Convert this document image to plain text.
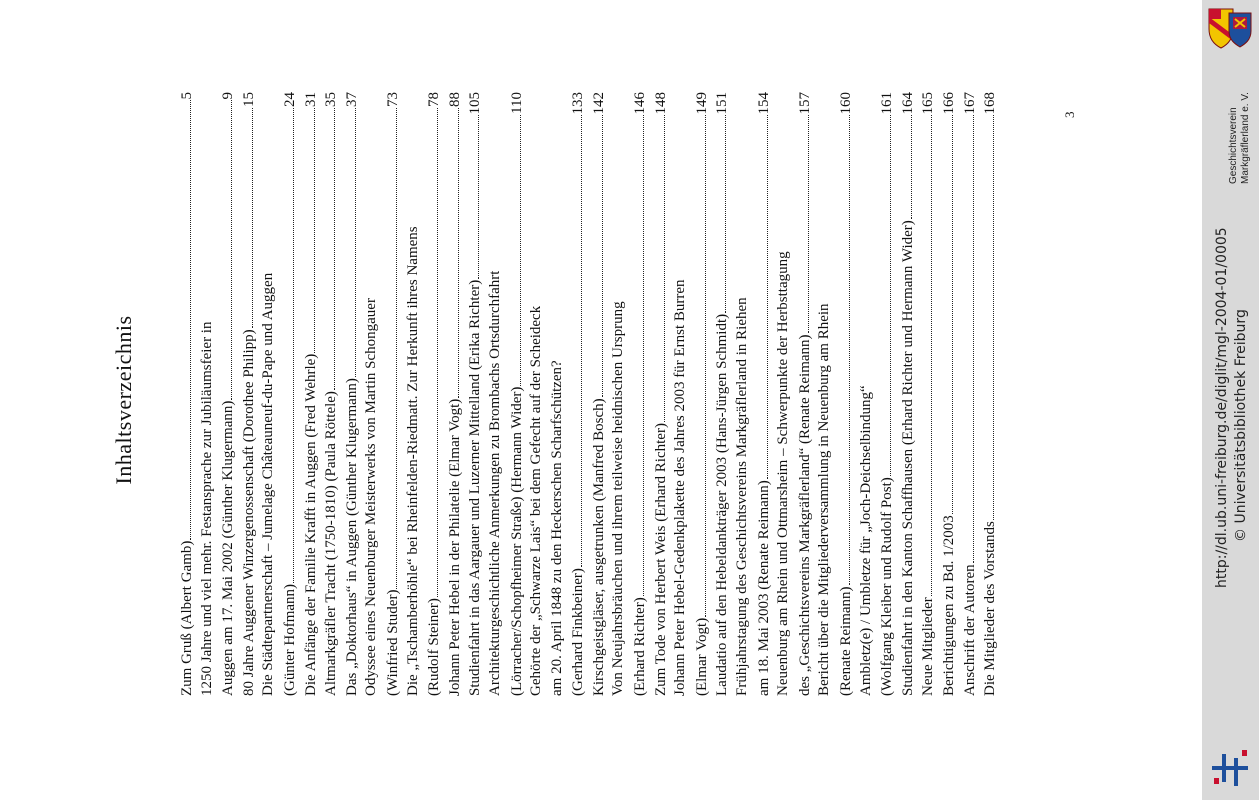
Inhaltsverzeichnis
Zum Gruß (Albert Gamb)
5
1250 Jahre und viel mehr. Festansprache zur Jubiläumsfeier in Auggen am 17. Mai 2002 (Günther Klugermann)
9
80 Jahre Auggener Winzergenossenschaft (Dorothee Philipp)
15
Die Städtepartnerschaft – Jumelage Châteauneuf-du-Pape und Auggen (Günter Hofmann)
24
Die Anfänge der Familie Krafft in Auggen (Fred Wehrle)
31
Altmarkgräfler Tracht (1750-1810) (Paula Röttele)
35
Das „Doktorhaus“ in Auggen (Günther Klugermann)
37
Odyssee eines Neuenburger Meisterwerks von Martin Schongauer (Winfried Studer)
73
Die „Tschamberhöhle“ bei Rheinfelden-Riedmatt. Zur Herkunft ihres Namens (Rudolf Steiner)
78
Johann Peter Hebel in der Philatelie (Elmar Vogt)
88
Studienfahrt in das Aargauer und Luzerner Mittelland (Erika Richter)
105
Architekturgeschichtliche Anmerkungen zu Brombachs Ortsdurchfahrt (Lörracher/Schopfheimer Straße) (Hermann Wider)
110
Gehörte der „Schwarze Lais“ bei dem Gefecht auf der Scheideck am 20. April 1848 zu den Heckerschen Scharfschützen? (Gerhard Finkbeiner)
133
Kirschgeistgläser, ausgetrunken (Manfred Bosch)
142
Von Neujahrsbräuchen und ihrem teilweise heidnischen Ursprung (Erhard Richter)
146
Zum Tode von Herbert Weis (Erhard Richter)
148
Johann Peter Hebel-Gedenkplakette des Jahres 2003 für Ernst Burren (Elmar Vogt)
149
Laudatio auf den Hebeldankträger 2003 (Hans-Jürgen Schmidt)
151
Frühjahrstagung des Geschichtsvereins Markgräflerland in Riehen am 18. Mai 2003 (Renate Reimann)
154
Neuenburg am Rhein und Ottmarsheim – Schwerpunkte der Herbsttagung des „Geschichtsvereins Markgräflerland“ (Renate Reimann)
157
Bericht über die Mitgliederversammlung in Neuenburg am Rhein (Renate Reimann)
160
Ambletz(e) / Umbletze für „Joch-Deichselbindung“ (Wolfgang Kleiber und Rudolf Post)
161
Studienfahrt in den Kanton Schaffhausen (Erhard Richter und Hermann Wider)
164
Neue Mitglieder
165
Berichtigungen zu Bd. 1/2003
166
Anschrift der Autoren
167
Die Mitglieder des Vorstands
168
3	Geschichtsverein Markgräflerland e. V.
http://dl.ub.uni-freiburg.de/diglit/mgl-2004-01/0005 © Universitätsbibliothek Freiburg
